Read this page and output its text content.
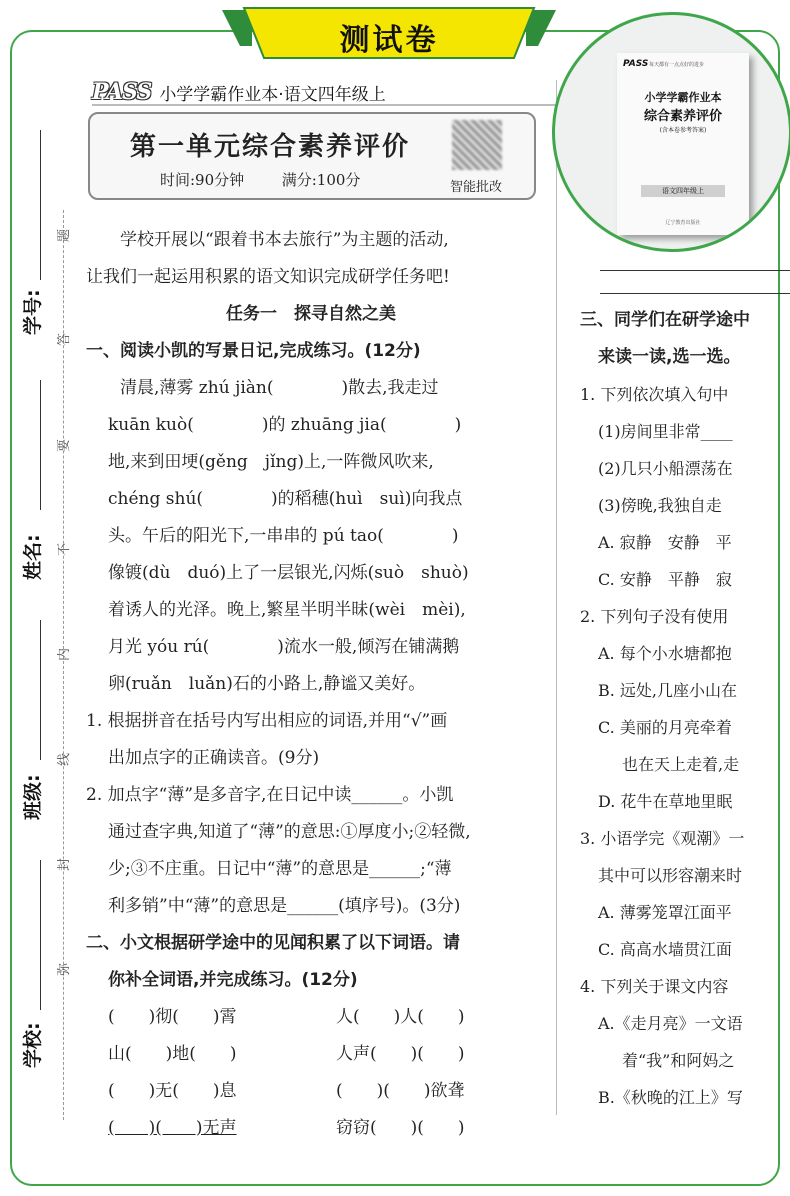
测试卷
学号:
姓名:
班级:
学校:
题
答
要
不
内
线
封
弥
PASS 小学学霸作业本·语文四年级上
第一单元综合素养评价
时间:90分钟	满分:100分	智能批改
学校开展以“跟着书本去旅行”为主题的活动,
让我们一起运用积累的语文知识完成研学任务吧!
任务一　探寻自然之美
一、阅读小凯的写景日记,完成练习。(12分)
清晨,薄雾 zhú jiàn(　　　　)散去,我走过
kuān kuò(　　　　)的 zhuāng jia(　　　　)
地,来到田埂(gěng　jǐng)上,一阵微风吹来,
chéng shú(　　　　)的稻穗(huì　suì)向我点
头。午后的阳光下,一串串的 pú tao(　　　　)
像镀(dù　duó)上了一层银光,闪烁(suò　shuò)
着诱人的光泽。晚上,繁星半明半昧(wèi　mèi),
月光 yóu rú(　　　　)流水一般,倾泻在铺满鹅
卵(ruǎn　luǎn)石的小路上,静谧又美好。
1. 根据拼音在括号内写出相应的词语,并用“√”画
出加点字的正确读音。(9分)
2. 加点字“薄”是多音字,在日记中读______。小凯
通过查字典,知道了“薄”的意思:①厚度小;②轻微,
少;③不庄重。日记中“薄”的意思是______;“薄
利多销”中“薄”的意思是______(填序号)。(3分)
二、小文根据研学途中的见闻积累了以下词语。请
你补全词语,并完成练习。(12分)
(　　)彻(　　)霄	人(　　)人(　　)
山(　　)地(　　)	人声(　　)(　　)
(　　)无(　　)息	(　　)(　　)欲聋
(　　)(　　)无声	窃窃(　　)(　　)
三、同学们在研学途中
来读一读,选一选。
1. 下列依次填入句中
(1)房间里非常____
(2)几只小船漂荡在
(3)傍晚,我独自走
A. 寂静　安静　平
C. 安静　平静　寂
2. 下列句子没有使用
A. 每个小水塘都抱
B. 远处,几座小山在
C. 美丽的月亮牵着
也在天上走着,走
D. 花牛在草地里眠
3. 小语学完《观潮》一
其中可以形容潮来时
A. 薄雾笼罩江面平
C. 高高水墙贯江面
4. 下列关于课文内容
A.《走月亮》一文语
着“我”和阿妈之
B.《秋晚的江上》写
PASS 每天都有一点点好的进步
小学学霸作业本
综合素养评价
(含本卷参考答案)
语文四年级上
辽宁教育出版社
